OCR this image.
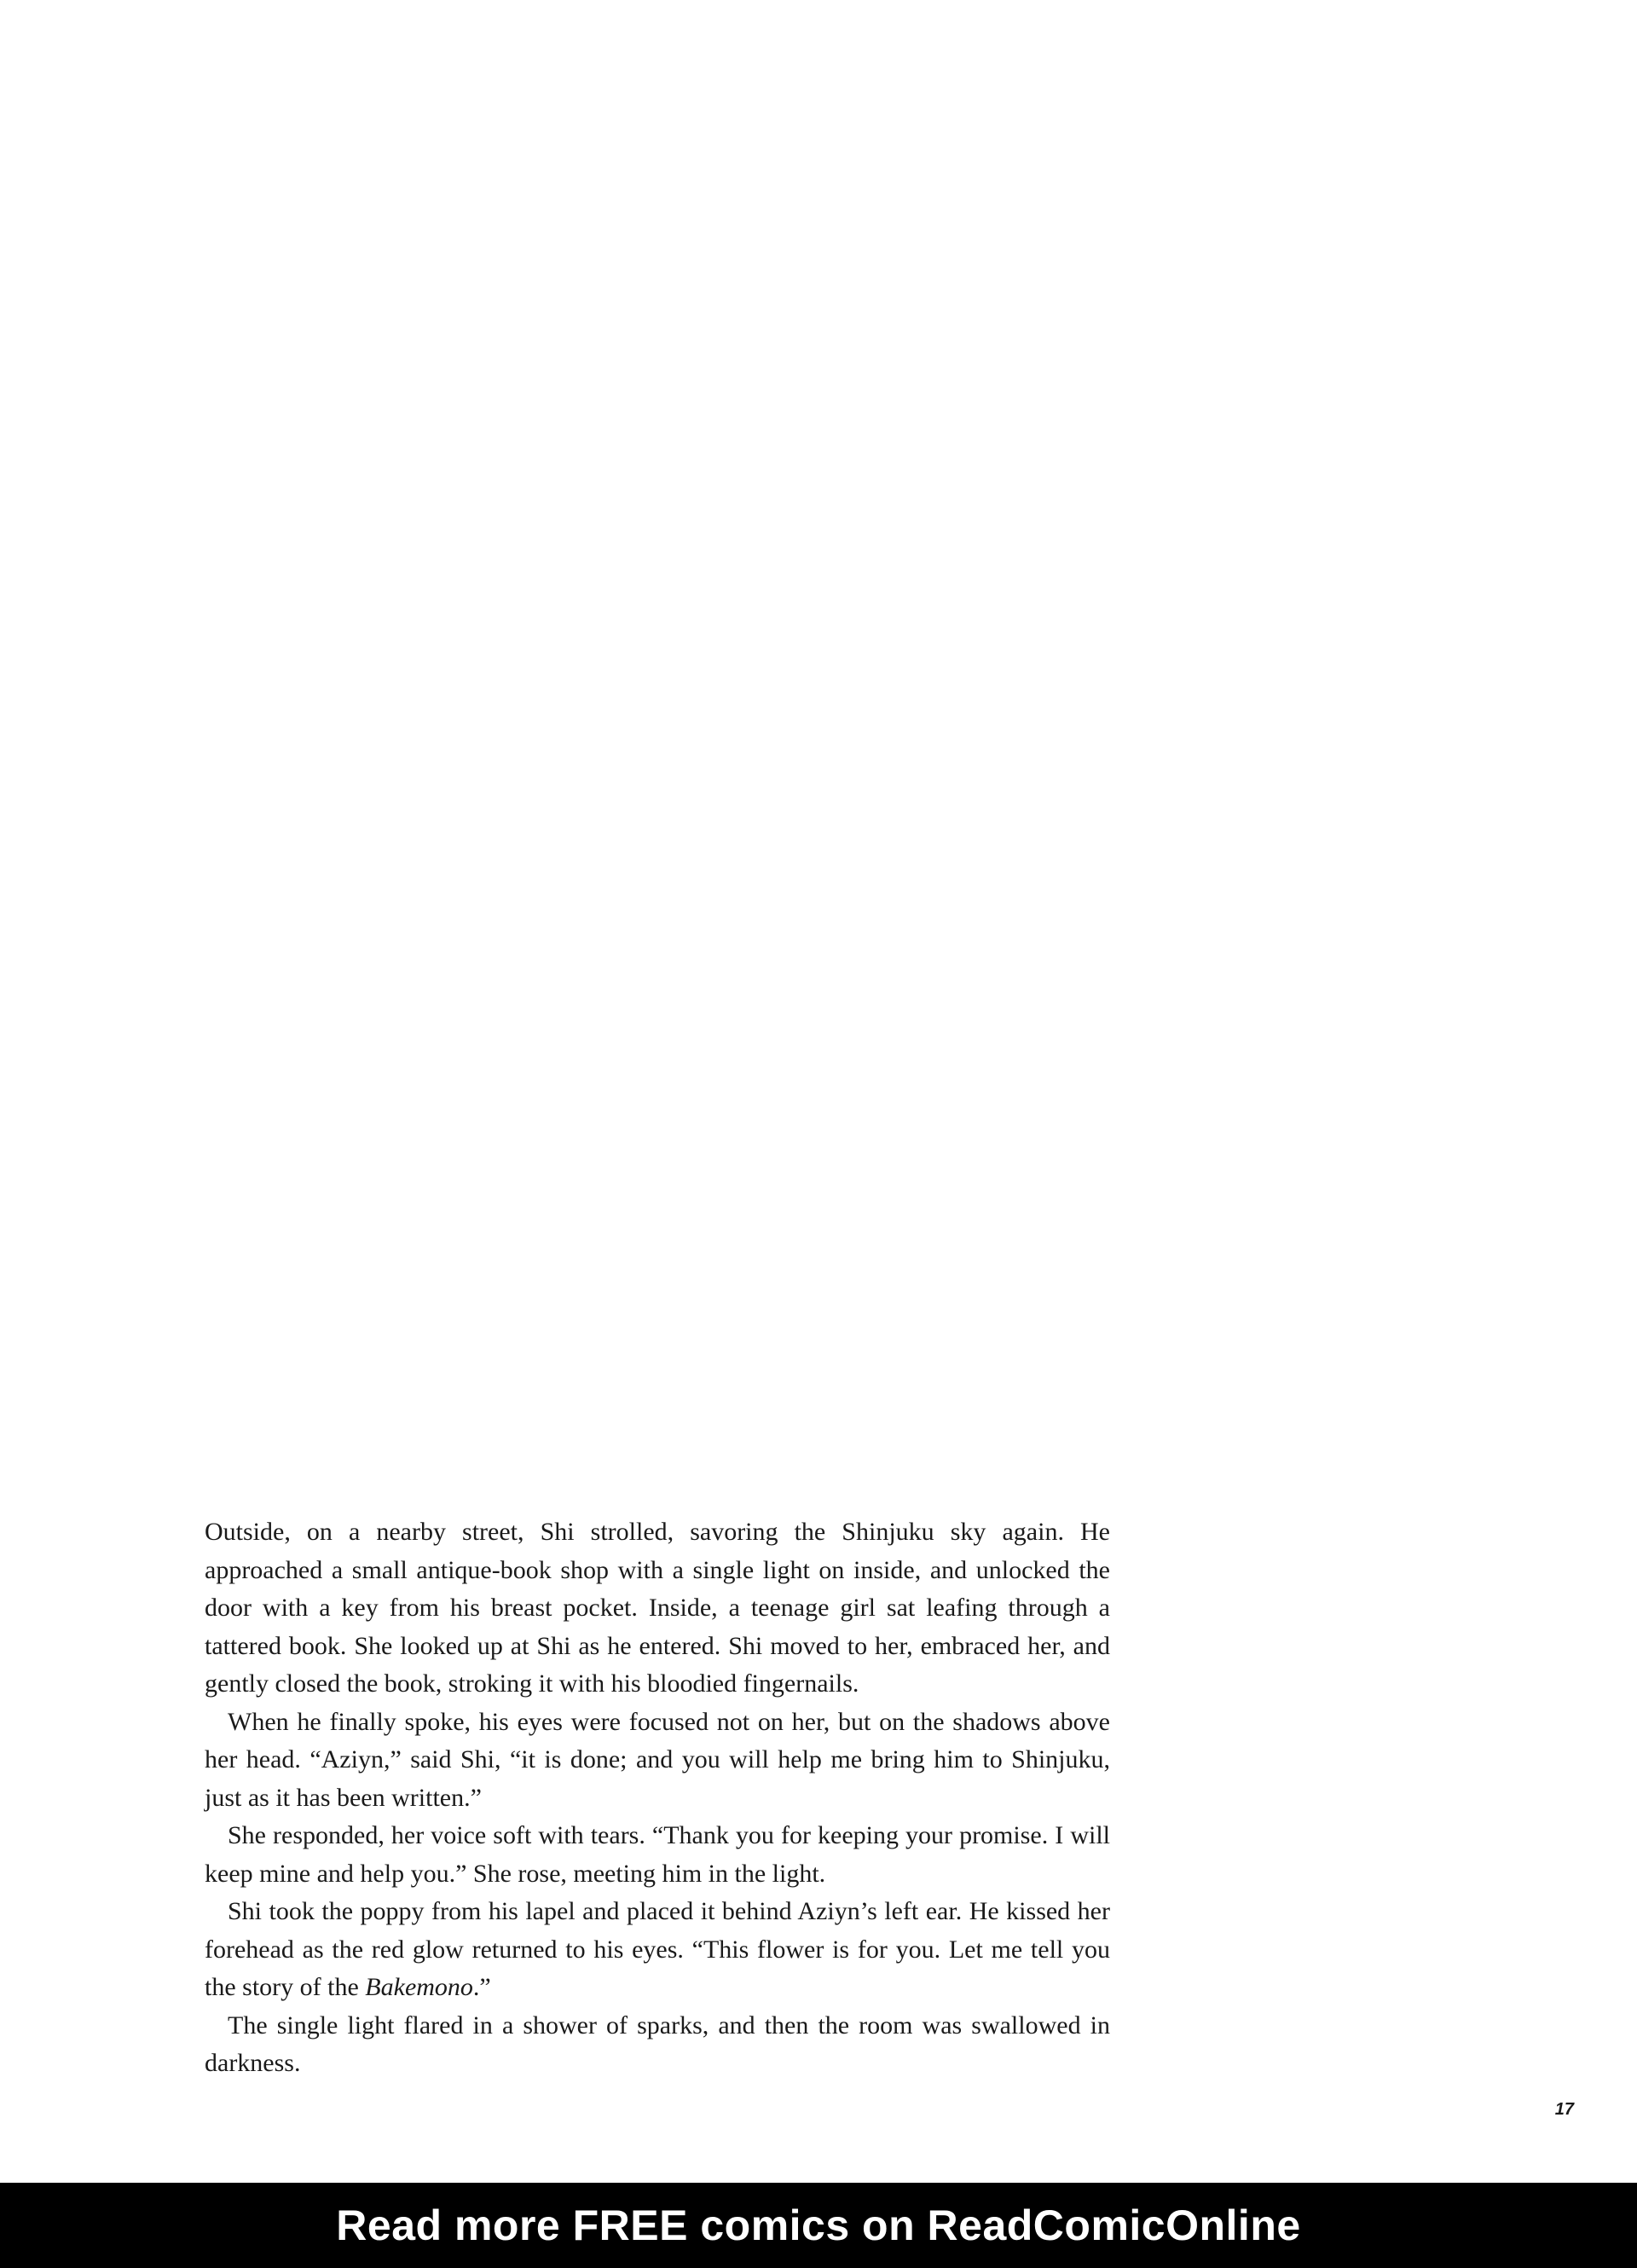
Outside, on a nearby street, Shi strolled, savoring the Shinjuku sky again. He approached a small antique-book shop with a single light on inside, and unlocked the door with a key from his breast pocket. Inside, a teenage girl sat leafing through a tattered book. She looked up at Shi as he entered. Shi moved to her, embraced her, and gently closed the book, stroking it with his bloodied fingernails.

When he finally spoke, his eyes were focused not on her, but on the shadows above her head. “Aziyn,” said Shi, “it is done; and you will help me bring him to Shinjuku, just as it has been written.”

She responded, her voice soft with tears. “Thank you for keeping your promise. I will keep mine and help you.” She rose, meeting him in the light.

Shi took the poppy from his lapel and placed it behind Aziyn’s left ear. He kissed her forehead as the red glow returned to his eyes. “This flower is for you. Let me tell you the story of the Bakemono.”

The single light flared in a shower of sparks, and then the room was swallowed in darkness.

17
Read more FREE comics on ReadComicOnline
